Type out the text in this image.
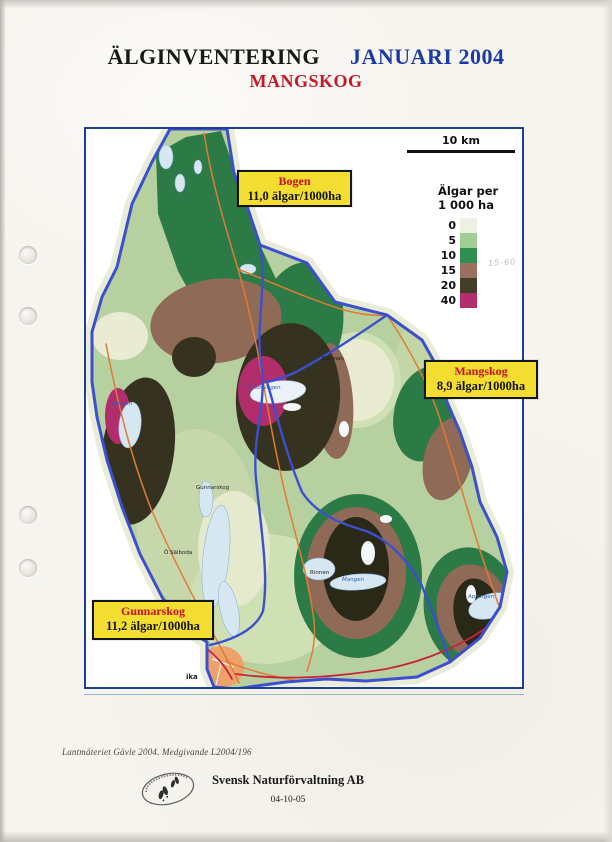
ÄLGINVENTERING JANUARI 2004
MANGSKOG
10 km
Älgar per
1 000 ha
0
5
10
15
20
40
15-60
Trehörningen
Racken
Mangen
Aplungen
Gunnarskog
Ö Sälboda
Rinnen
Bortnan
ika
Bogen
11,0 älgar/1000ha
Mangskog
8,9 älgar/1000ha
Gunnarskog
11,2 älgar/1000ha
Lantmäteriet Gävle 2004. Medgivande L2004/196
Svensk Naturförvaltning AB
04-10-05
